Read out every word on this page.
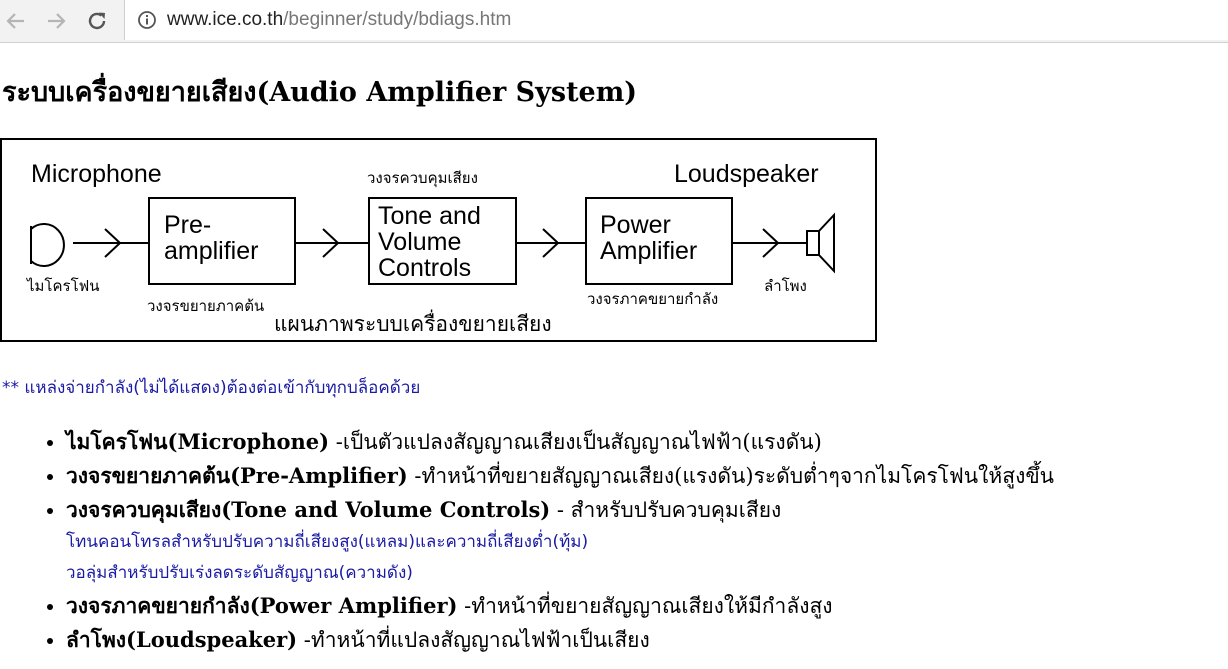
www.ice.co.th/beginner/study/bdiags.htm
ระบบเครื่องขยายเสียง(Audio Amplifier System)
Microphone
ไมโครโฟน
Pre-
amplifier
วงจรขยายภาคต้น
วงจรควบคุมเสียง
Tone and
Volume
Controls
Power
Amplifier
วงจรภาคขยายกำลัง
Loudspeaker
ลำโพง
แผนภาพระบบเครื่องขยายเสียง
** แหล่งจ่ายกำลัง(ไม่ได้แสดง)ต้องต่อเข้ากับทุกบล็อคด้วย
• ไมโครโฟน(Microphone) -เป็นตัวแปลงสัญญาณเสียงเป็นสัญญาณไฟฟ้า(แรงดัน)
• วงจรขยายภาคต้น(Pre-Amplifier) -ทำหน้าที่ขยายสัญญาณเสียง(แรงดัน)ระดับต่ำๆจากไมโครโฟนให้สูงขึ้น
• วงจรควบคุมเสียง(Tone and Volume Controls) - สำหรับปรับควบคุมเสียง
โทนคอนโทรลสำหรับปรับความถี่เสียงสูง(แหลม)และความถี่เสียงต่ำ(ทุ้ม)
วอลุ่มสำหรับปรับเร่งลดระดับสัญญาณ(ความดัง)
• วงจรภาคขยายกำลัง(Power Amplifier) -ทำหน้าที่ขยายสัญญาณเสียงให้มีกำลังสูง
• ลำโพง(Loudspeaker) -ทำหน้าที่แปลงสัญญาณไฟฟ้าเป็นเสียง
